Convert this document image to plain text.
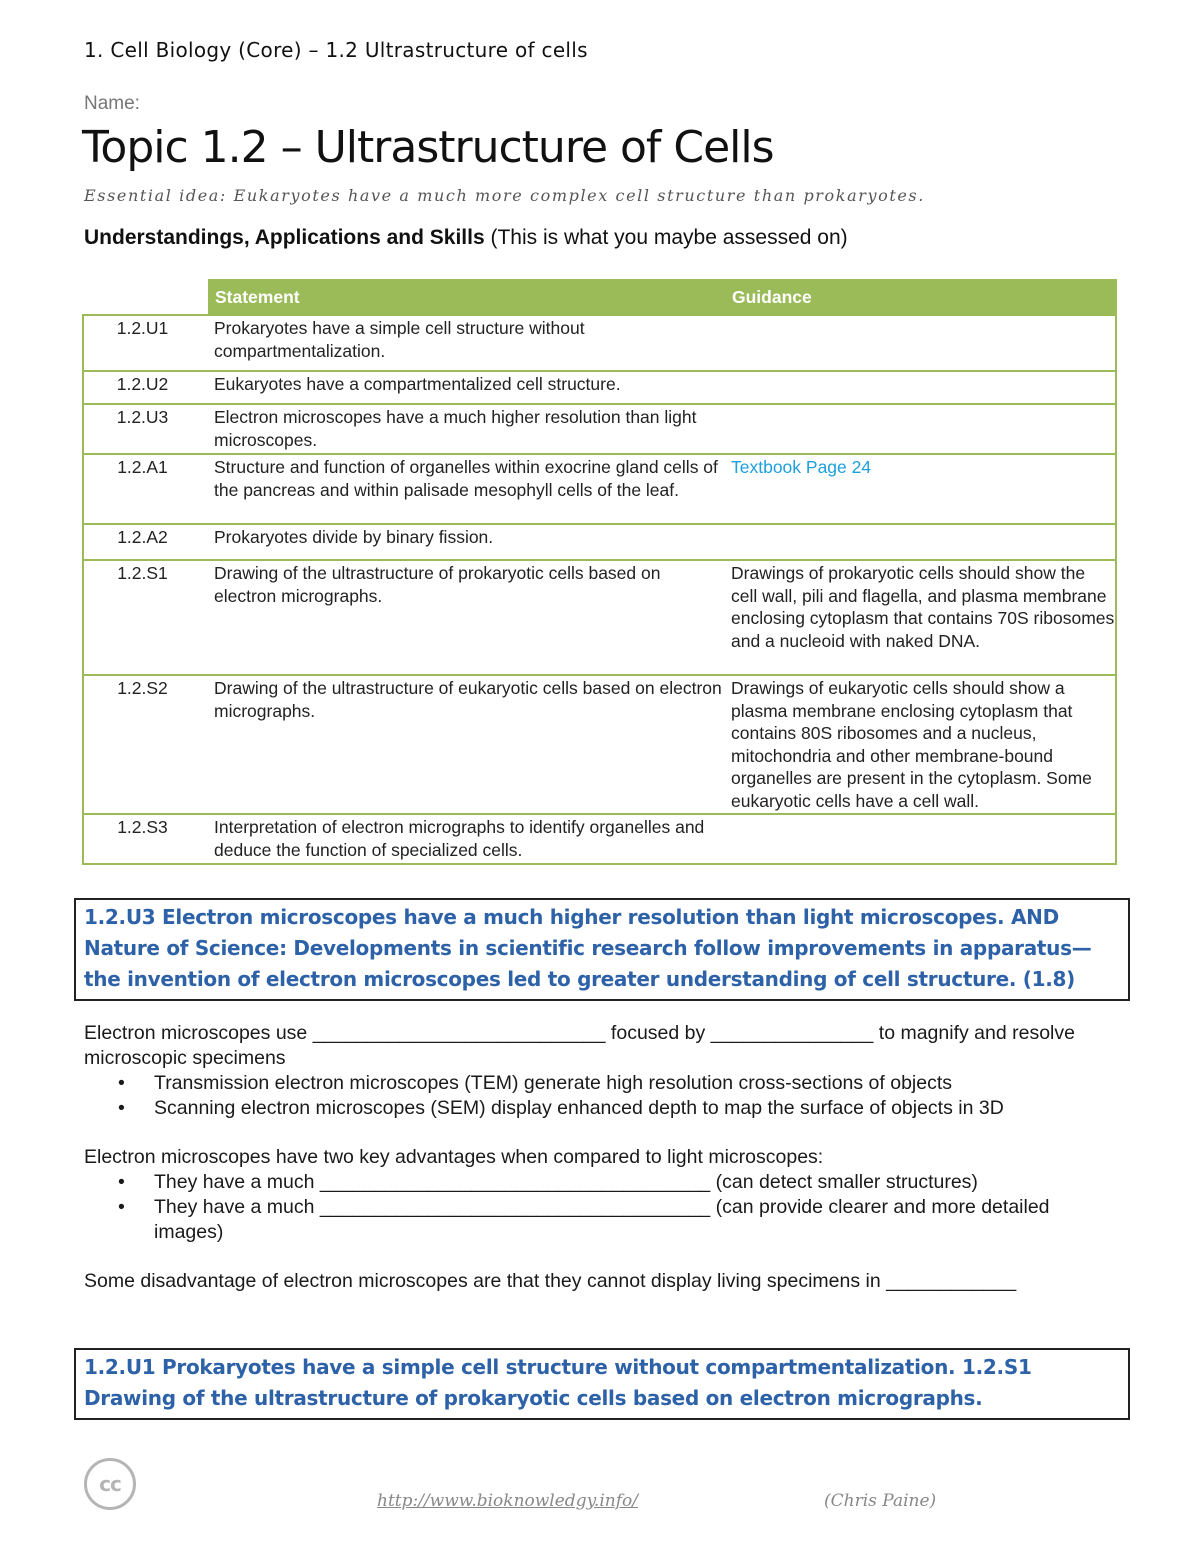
1. Cell Biology (Core) – 1.2 Ultrastructure of cells
Name:
Topic 1.2 – Ultrastructure of Cells
Essential idea: Eukaryotes have a much more complex cell structure than prokaryotes.
Understandings, Applications and Skills (This is what you maybe assessed on)
	Statement	Guidance
1.2.U1	Prokaryotes have a simple cell structure without compartmentalization.	
1.2.U2	Eukaryotes have a compartmentalized cell structure.	
1.2.U3	Electron microscopes have a much higher resolution than light microscopes.	
1.2.A1	Structure and function of organelles within exocrine gland cells of the pancreas and within palisade mesophyll cells of the leaf.	Textbook Page 24
1.2.A2	Prokaryotes divide by binary fission.	
1.2.S1	Drawing of the ultrastructure of prokaryotic cells based on electron micrographs.	Drawings of prokaryotic cells should show the cell wall, pili and flagella, and plasma membrane enclosing cytoplasm that contains 70S ribosomes and a nucleoid with naked DNA.
1.2.S2	Drawing of the ultrastructure of eukaryotic cells based on electron micrographs.	Drawings of eukaryotic cells should show a plasma membrane enclosing cytoplasm that contains 80S ribosomes and a nucleus, mitochondria and other membrane-bound organelles are present in the cytoplasm. Some eukaryotic cells have a cell wall.
1.2.S3	Interpretation of electron micrographs to identify organelles and deduce the function of specialized cells.	
1.2.U3 Electron microscopes have a much higher resolution than light microscopes. AND Nature of Science: Developments in scientific research follow improvements in apparatus—the invention of electron microscopes led to greater understanding of cell structure. (1.8)
Electron microscopes use ___________________________ focused by _______________ to magnify and resolve microscopic specimens
• Transmission electron microscopes (TEM) generate high resolution cross-sections of objects
• Scanning electron microscopes (SEM) display enhanced depth to map the surface of objects in 3D
Electron microscopes have two key advantages when compared to light microscopes:
• They have a much ____________________________________ (can detect smaller structures)
• They have a much ____________________________________ (can provide clearer and more detailed images)
Some disadvantage of electron microscopes are that they cannot display living specimens in ____________
1.2.U1 Prokaryotes have a simple cell structure without compartmentalization. 1.2.S1 Drawing of the ultrastructure of prokaryotic cells based on electron micrographs.
cc
http://www.bioknowledgy.info/	(Chris Paine)
